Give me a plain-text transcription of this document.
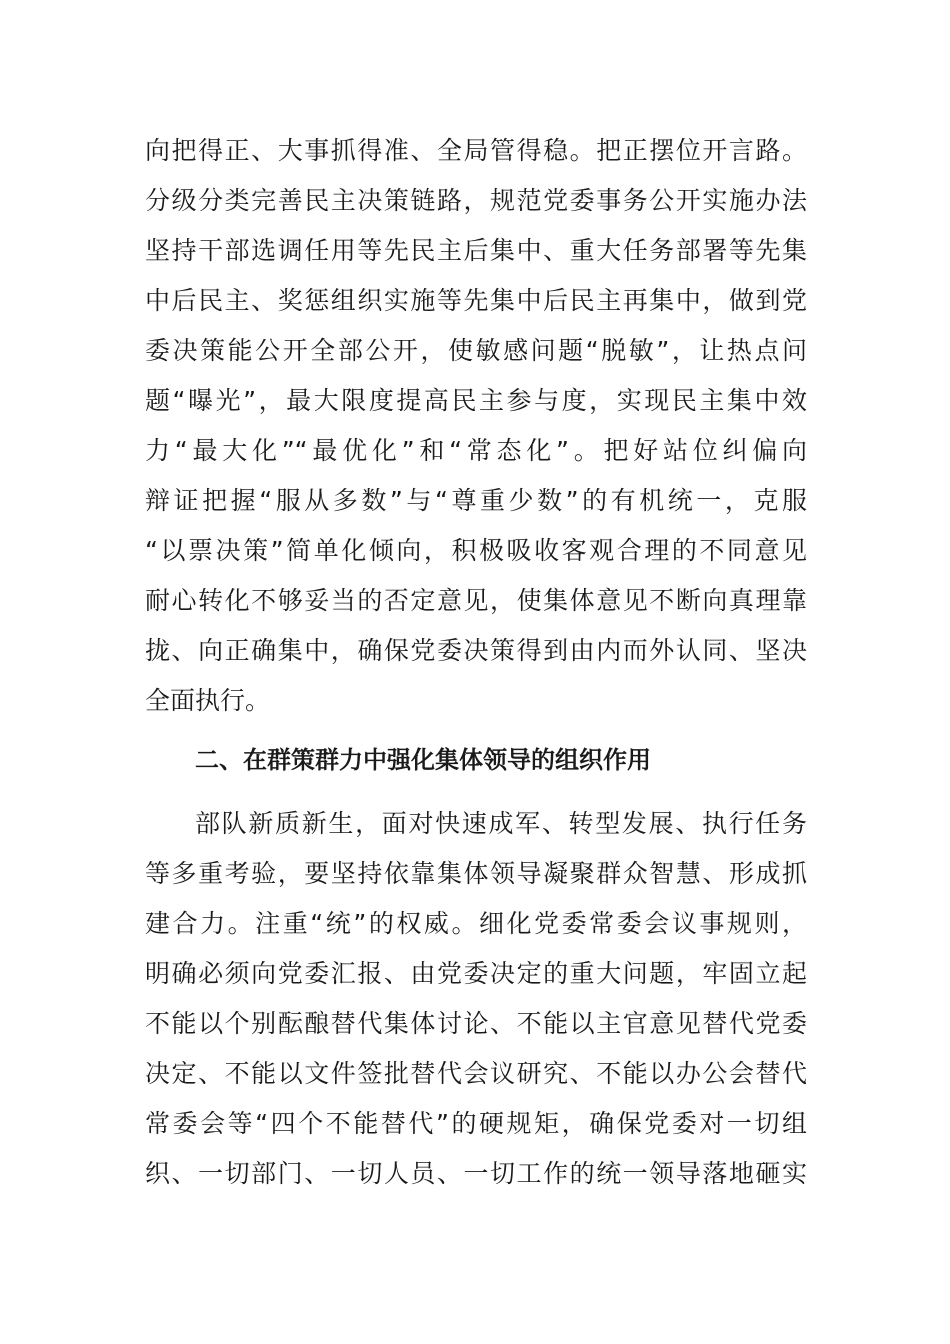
向把得正、大事抓得准、全局管得稳。把正摆位开言路。
分级分类完善民主决策链路，规范党委事务公开实施办法
坚持干部选调任用等先民主后集中、重大任务部署等先集
中后民主、奖惩组织实施等先集中后民主再集中，做到党
委决策能公开全部公开，使敏感问题“脱敏”，让热点问
题“曝光”，最大限度提高民主参与度，实现民主集中效
力“最大化”“最优化”和“常态化”。把好站位纠偏向
辩证把握“服从多数”与“尊重少数”的有机统一，克服
“以票决策”简单化倾向，积极吸收客观合理的不同意见
耐心转化不够妥当的否定意见，使集体意见不断向真理靠
拢、向正确集中，确保党委决策得到由内而外认同、坚决
全面执行。
二、在群策群力中强化集体领导的组织作用
部队新质新生，面对快速成军、转型发展、执行任务
等多重考验，要坚持依靠集体领导凝聚群众智慧、形成抓
建合力。注重“统”的权威。细化党委常委会议事规则，
明确必须向党委汇报、由党委决定的重大问题，牢固立起
不能以个别酝酿替代集体讨论、不能以主官意见替代党委
决定、不能以文件签批替代会议研究、不能以办公会替代
常委会等“四个不能替代”的硬规矩，确保党委对一切组
织、一切部门、一切人员、一切工作的统一领导落地砸实
